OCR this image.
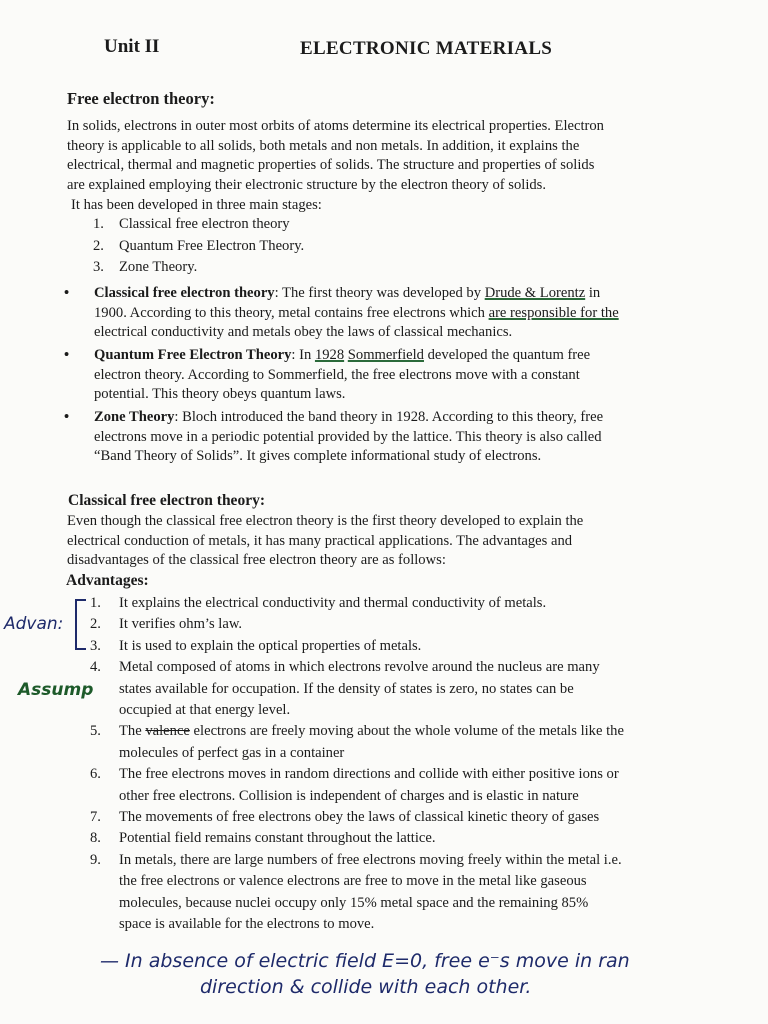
Unit II	ELECTRONIC MATERIALS
Free electron theory:
In solids, electrons in outer most orbits of atoms determine its electrical properties. Electron
theory is applicable to all solids, both metals and non metals. In addition, it explains the
electrical, thermal and magnetic properties of solids. The structure and properties of solids
are explained employing their electronic structure by the electron theory of solids.
It has been developed in three main stages:
1. Classical free electron theory
2. Quantum Free Electron Theory.
3. Zone Theory.
• Classical free electron theory: The first theory was developed by Drude & Lorentz in
1900. According to this theory, metal contains free electrons which are responsible for the
electrical conductivity and metals obey the laws of classical mechanics.
• Quantum Free Electron Theory: In 1928 Sommerfield developed the quantum free
electron theory. According to Sommerfield, the free electrons move with a constant
potential. This theory obeys quantum laws.
• Zone Theory: Bloch introduced the band theory in 1928. According to this theory, free
electrons move in a periodic potential provided by the lattice. This theory is also called
“Band Theory of Solids”. It gives complete informational study of electrons.
Classical free electron theory:
Even though the classical free electron theory is the first theory developed to explain the
electrical conduction of metals, it has many practical applications. The advantages and
disadvantages of the classical free electron theory are as follows:
Advantages:
1. It explains the electrical conductivity and thermal conductivity of metals.
2. It verifies ohm’s law.
3. It is used to explain the optical properties of metals.
4. Metal composed of atoms in which electrons revolve around the nucleus are many
states available for occupation. If the density of states is zero, no states can be
occupied at that energy level.
5. The valence electrons are freely moving about the whole volume of the metals like the
molecules of perfect gas in a container
6. The free electrons moves in random directions and collide with either positive ions or
other free electrons. Collision is independent of charges and is elastic in nature
7. The movements of free electrons obey the laws of classical kinetic theory of gases
8. Potential field remains constant throughout the lattice.
9. In metals, there are large numbers of free electrons moving freely within the metal i.e.
the free electrons or valence electrons are free to move in the metal like gaseous
molecules, because nuclei occupy only 15% metal space and the remaining 85%
space is available for the electrons to move.
Advan:
Assump
— In absence of electric field E=0, free e⁻s move in ran
direction & collide with each other.
